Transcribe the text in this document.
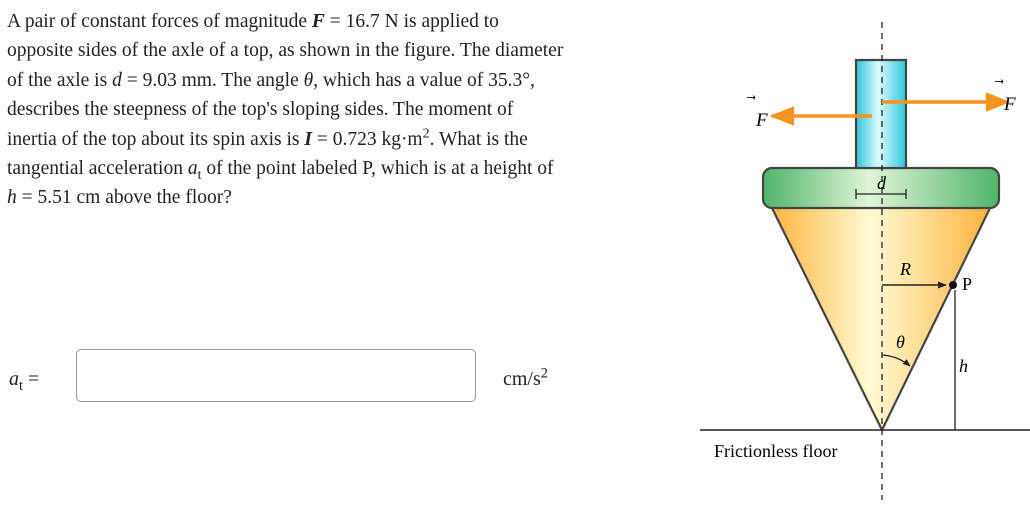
A pair of constant forces of magnitude F = 16.7 N is applied to opposite sides of the axle of a top, as shown in the figure. The diameter of the axle is d = 9.03 mm. The angle θ, which has a value of 35.3°, describes the steepness of the top's sloping sides. The moment of inertia of the top about its spin axis is I = 0.723 $kg\cdot m^2$. What is the tangential acceleration $a_t$ of the point labeled P, which is at a height of h = 5.51 cm above the floor?
$a_t$ =	$cm/s^2$
F
F
d
R
P
h
θ
Frictionless floor
